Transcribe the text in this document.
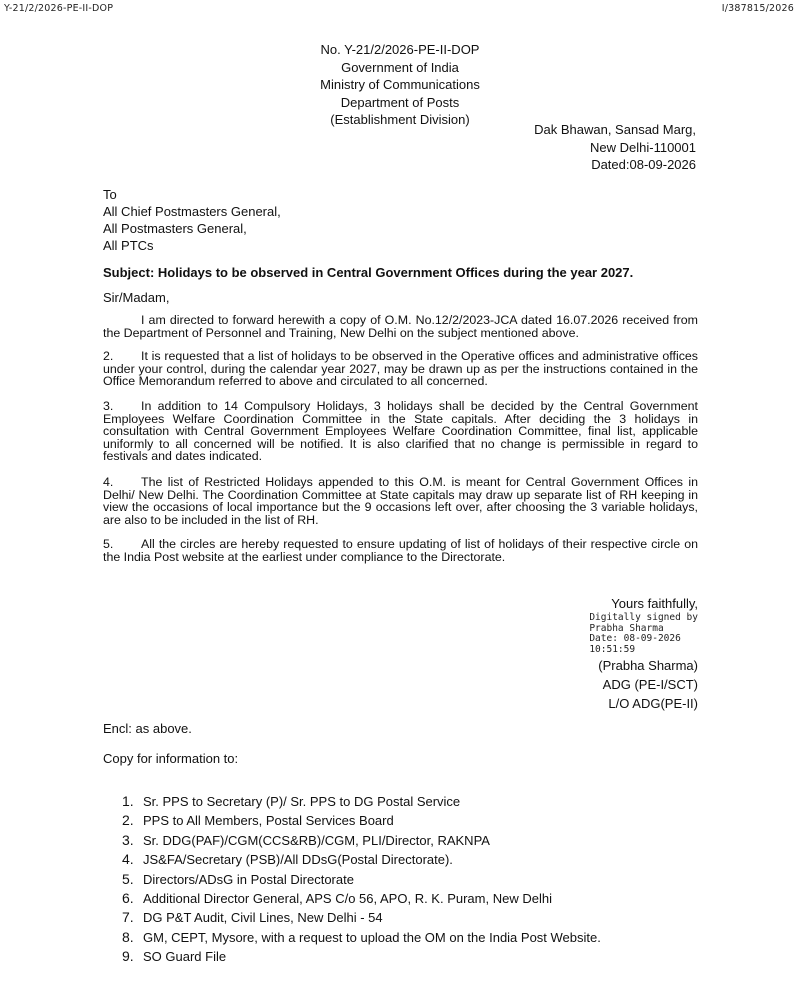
Y-21/2/2026-PE-II-DOP	I/387815/2026
No. Y-21/2/2026-PE-II-DOP
Government of India
Ministry of Communications
Department of Posts
(Establishment Division)
Dak Bhawan, Sansad Marg,
New Delhi-110001
Dated:08-09-2026
To
All Chief Postmasters General,
All Postmasters General,
All PTCs
Subject: Holidays to be observed in Central Government Offices during the year 2027.
Sir/Madam,
I am directed to forward herewith a copy of O.M. No.12/2/2023-JCA dated 16.07.2026 received from the Department of Personnel and Training, New Delhi on the subject mentioned above.
2. It is requested that a list of holidays to be observed in the Operative offices and administrative offices under your control, during the calendar year 2027, may be drawn up as per the instructions contained in the Office Memorandum referred to above and circulated to all concerned.
3. In addition to 14 Compulsory Holidays, 3 holidays shall be decided by the Central Government Employees Welfare Coordination Committee in the State capitals. After deciding the 3 holidays in consultation with Central Government Employees Welfare Coordination Committee, final list, applicable uniformly to all concerned will be notified. It is also clarified that no change is permissible in regard to festivals and dates indicated.
4. The list of Restricted Holidays appended to this O.M. is meant for Central Government Offices in Delhi/ New Delhi. The Coordination Committee at State capitals may draw up separate list of RH keeping in view the occasions of local importance but the 9 occasions left over, after choosing the 3 variable holidays, are also to be included in the list of RH.
5. All the circles are hereby requested to ensure updating of list of holidays of their respective circle on the India Post website at the earliest under compliance to the Directorate.
Yours faithfully,
Digitally signed by
Prabha Sharma
Date: 08-09-2026
10:51:59
(Prabha Sharma)
ADG (PE-I/SCT)
L/O ADG(PE-II)
Encl: as above.
Copy for information to:
1. Sr. PPS to Secretary (P)/ Sr. PPS to DG Postal Service
2. PPS to All Members, Postal Services Board
3. Sr. DDG(PAF)/CGM(CCS&RB)/CGM, PLI/Director, RAKNPA
4. JS&FA/Secretary (PSB)/All DDsG(Postal Directorate).
5. Directors/ADsG in Postal Directorate
6. Additional Director General, APS C/o 56, APO, R. K. Puram, New Delhi
7. DG P&T Audit, Civil Lines, New Delhi - 54
8. GM, CEPT, Mysore, with a request to upload the OM on the India Post Website.
9. SO Guard File
